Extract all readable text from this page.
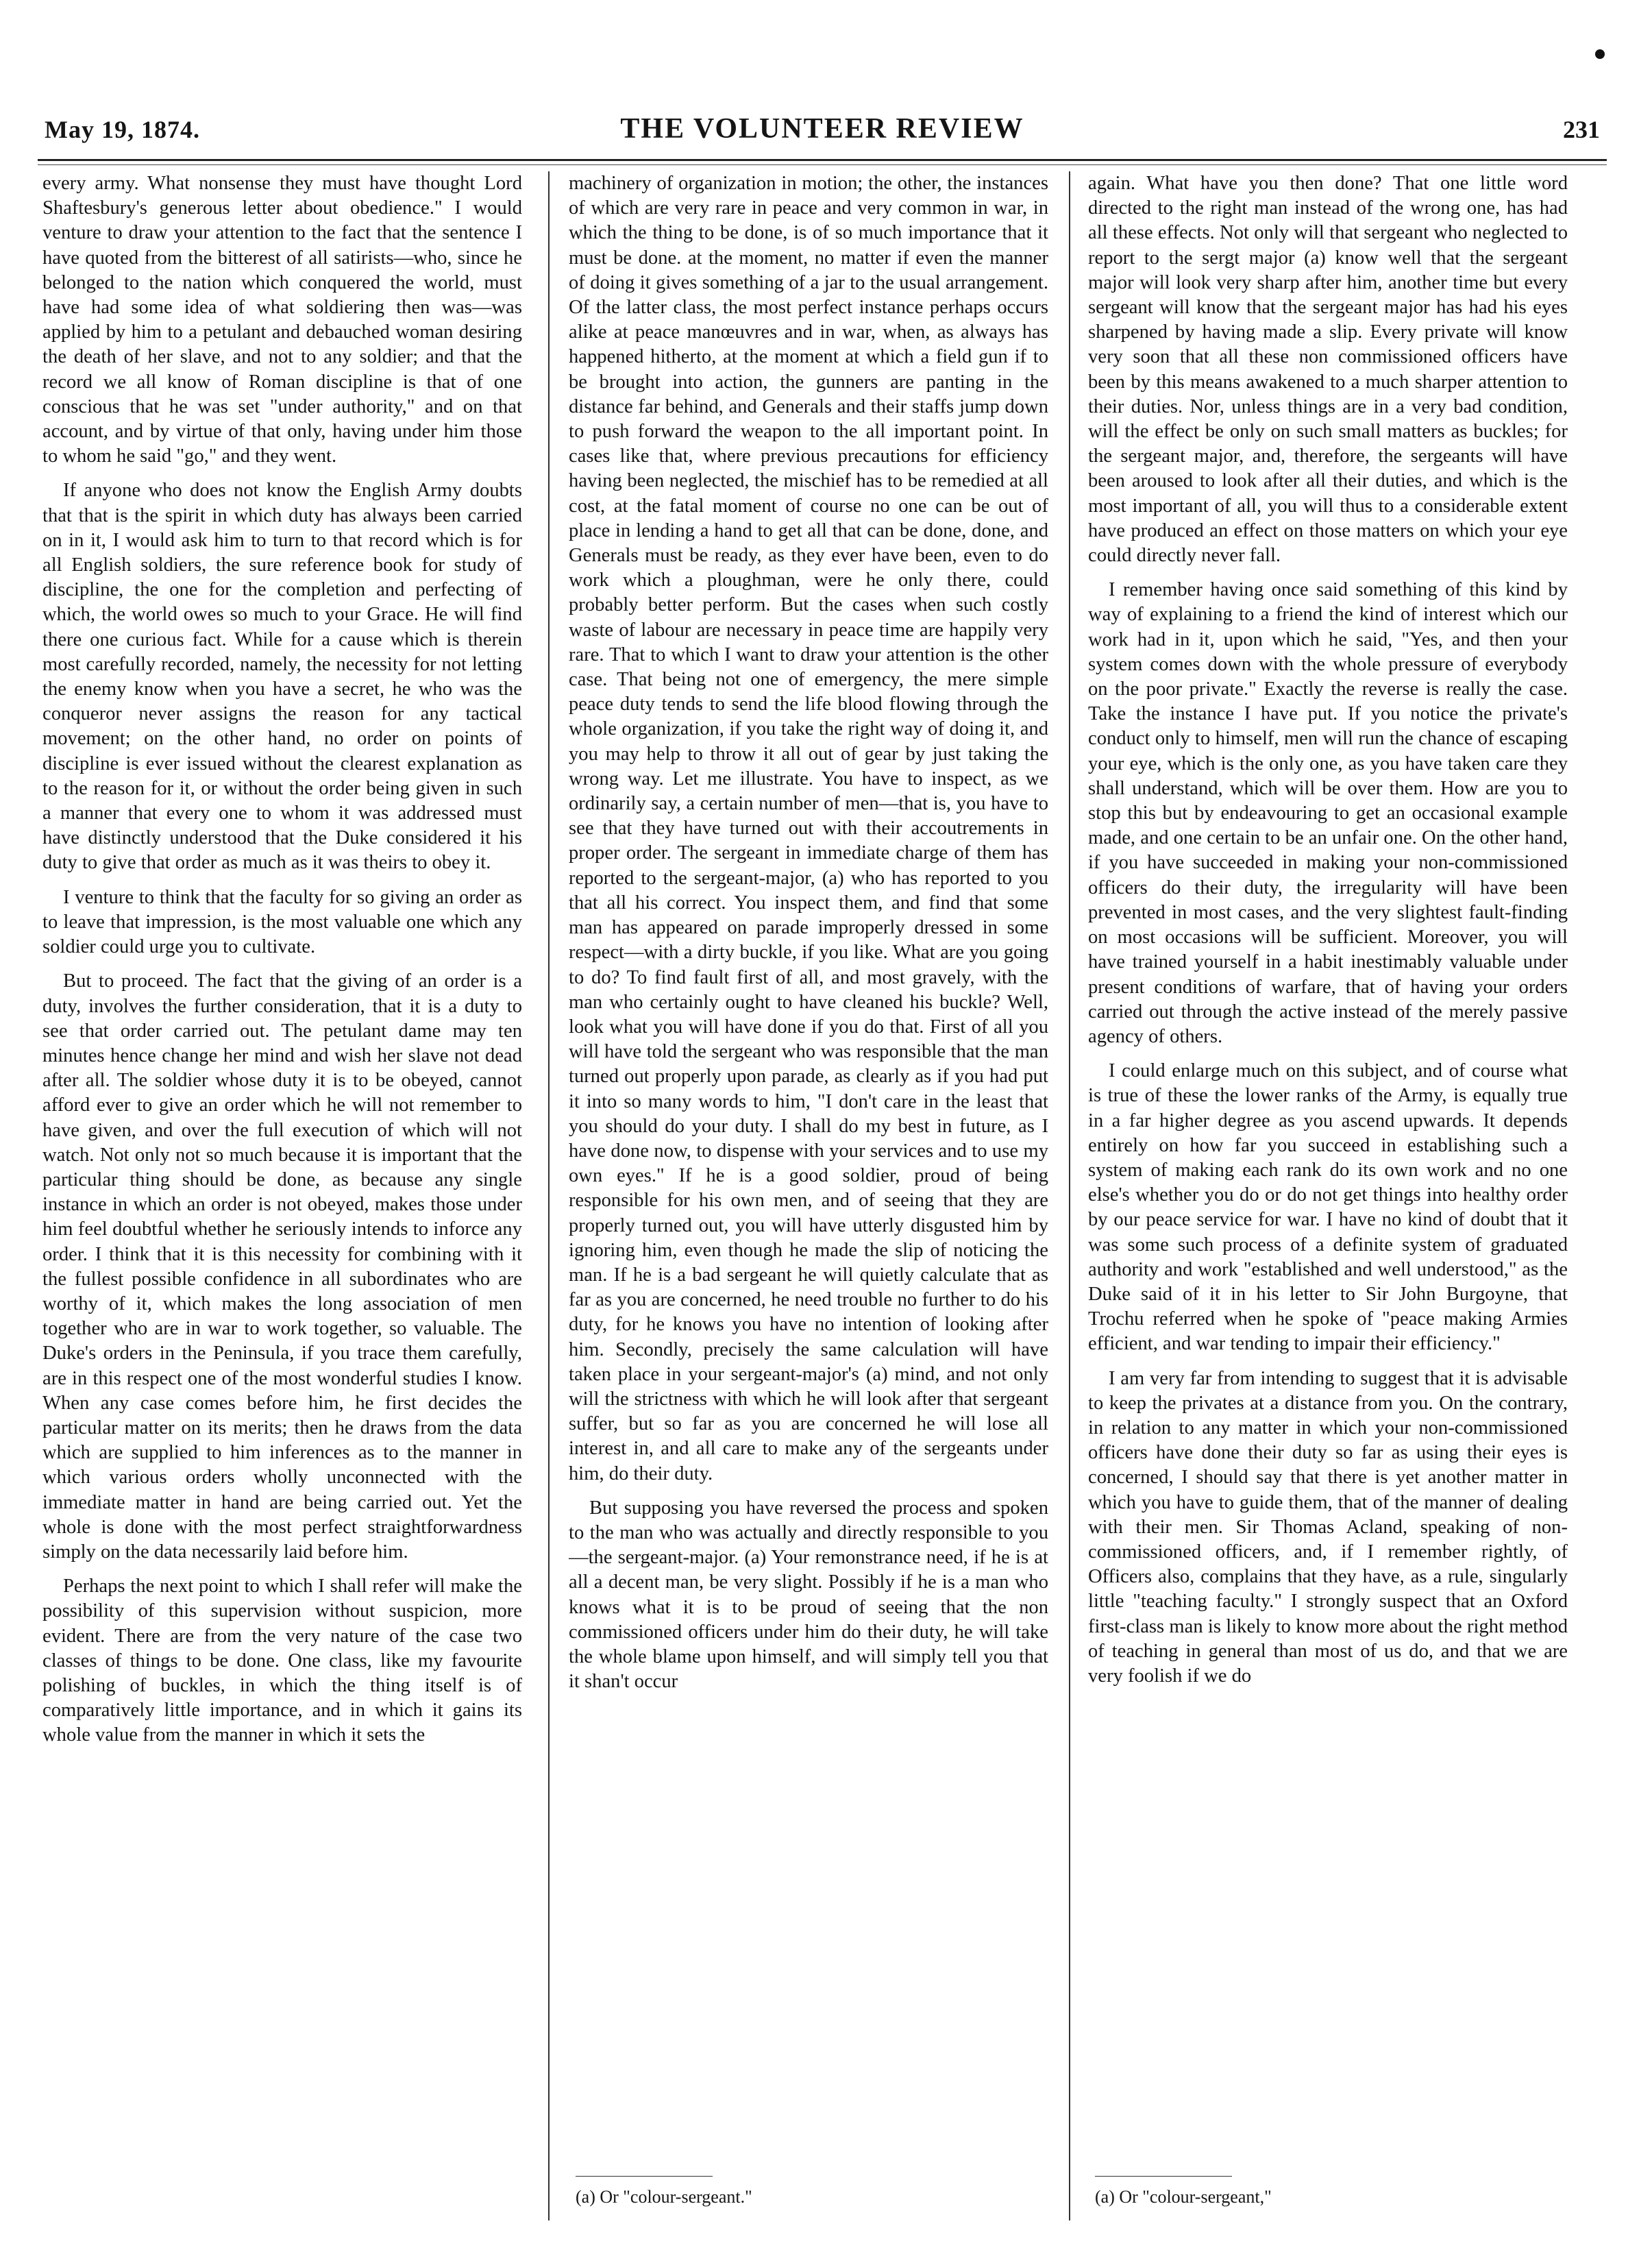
May 19, 1874.	THE VOLUNTEER REVIEW	231

every army. What nonsense they must have thought Lord Shaftesbury's generous letter about obedience." I would venture to draw your attention to the fact that the sentence I have quoted from the bitterest of all satirists—who, since he belonged to the nation which conquered the world, must have had some idea of what soldiering then was—was applied by him to a petulant and debauched woman desiring the death of her slave, and not to any soldier; and that the record we all know of Roman discipline is that of one conscious that he was set "under authority," and on that account, and by virtue of that only, having under him those to whom he said "go," and they went.

If anyone who does not know the English Army doubts that that is the spirit in which duty has always been carried on in it, I would ask him to turn to that record which is for all English soldiers, the sure reference book for study of discipline, the one for the completion and perfecting of which, the world owes so much to your Grace. He will find there one curious fact. While for a cause which is therein most carefully recorded, namely, the necessity for not letting the enemy know when you have a secret, he who was the conqueror never assigns the reason for any tactical movement; on the other hand, no order on points of discipline is ever issued without the clearest explanation as to the reason for it, or without the order being given in such a manner that every one to whom it was addressed must have distinctly understood that the Duke considered it his duty to give that order as much as it was theirs to obey it.

I venture to think that the faculty for so giving an order as to leave that impression, is the most valuable one which any soldier could urge you to cultivate.

But to proceed. The fact that the giving of an order is a duty, involves the further consideration, that it is a duty to see that order carried out. The petulant dame may ten minutes hence change her mind and wish her slave not dead after all. The soldier whose duty it is to be obeyed, cannot afford ever to give an order which he will not remember to have given, and over the full execution of which will not watch. Not only not so much because it is important that the particular thing should be done, as because any single instance in which an order is not obeyed, makes those under him feel doubtful whether he seriously intends to inforce any order. I think that it is this necessity for combining with it the fullest possible confidence in all subordinates who are worthy of it, which makes the long association of men together who are in war to work together, so valuable. The Duke's orders in the Peninsula, if you trace them carefully, are in this respect one of the most wonderful studies I know. When any case comes before him, he first decides the particular matter on its merits; then he draws from the data which are supplied to him inferences as to the manner in which various orders wholly unconnected with the immediate matter in hand are being carried out. Yet the whole is done with the most perfect straightforwardness simply on the data necessarily laid before him.

Perhaps the next point to which I shall refer will make the possibility of this supervision without suspicion, more evident. There are from the very nature of the case two classes of things to be done. One class, like my favourite polishing of buckles, in which the thing itself is of comparatively little importance, and in which it gains its whole value from the manner in which it sets the

machinery of organization in motion; the other, the instances of which are very rare in peace and very common in war, in which the thing to be done, is of so much importance that it must be done. at the moment, no matter if even the manner of doing it gives something of a jar to the usual arrangement. Of the latter class, the most perfect instance perhaps occurs alike at peace manœuvres and in war, when, as always has happened hitherto, at the moment at which a field gun if to be brought into action, the gunners are panting in the distance far behind, and Generals and their staffs jump down to push forward the weapon to the all important point. In cases like that, where previous precautions for efficiency having been neglected, the mischief has to be remedied at all cost, at the fatal moment of course no one can be out of place in lending a hand to get all that can be done, done, and Generals must be ready, as they ever have been, even to do work which a ploughman, were he only there, could probably better perform. But the cases when such costly waste of labour are necessary in peace time are happily very rare. That to which I want to draw your attention is the other case. That being not one of emergency, the mere simple peace duty tends to send the life blood flowing through the whole organization, if you take the right way of doing it, and you may help to throw it all out of gear by just taking the wrong way. Let me illustrate. You have to inspect, as we ordinarily say, a certain number of men—that is, you have to see that they have turned out with their accoutrements in proper order. The sergeant in immediate charge of them has reported to the sergeant-major, (a) who has reported to you that all his correct. You inspect them, and find that some man has appeared on parade improperly dressed in some respect—with a dirty buckle, if you like. What are you going to do? To find fault first of all, and most gravely, with the man who certainly ought to have cleaned his buckle? Well, look what you will have done if you do that. First of all you will have told the sergeant who was responsible that the man turned out properly upon parade, as clearly as if you had put it into so many words to him, "I don't care in the least that you should do your duty. I shall do my best in future, as I have done now, to dispense with your services and to use my own eyes." If he is a good soldier, proud of being responsible for his own men, and of seeing that they are properly turned out, you will have utterly disgusted him by ignoring him, even though he made the slip of noticing the man. If he is a bad sergeant he will quietly calculate that as far as you are concerned, he need trouble no further to do his duty, for he knows you have no intention of looking after him. Secondly, precisely the same calculation will have taken place in your sergeant-major's (a) mind, and not only will the strictness with which he will look after that sergeant suffer, but so far as you are concerned he will lose all interest in, and all care to make any of the sergeants under him, do their duty.

But supposing you have reversed the process and spoken to the man who was actually and directly responsible to you—the sergeant-major. (a) Your remonstrance need, if he is at all a decent man, be very slight. Possibly if he is a man who knows what it is to be proud of seeing that the non commissioned officers under him do their duty, he will take the whole blame upon himself, and will simply tell you that it shan't occur

again. What have you then done? That one little word directed to the right man instead of the wrong one, has had all these effects. Not only will that sergeant who neglected to report to the sergt major (a) know well that the sergeant major will look very sharp after him, another time but every sergeant will know that the sergeant major has had his eyes sharpened by having made a slip. Every private will know very soon that all these non commissioned officers have been by this means awakened to a much sharper attention to their duties. Nor, unless things are in a very bad condition, will the effect be only on such small matters as buckles; for the sergeant major, and, therefore, the sergeants will have been aroused to look after all their duties, and which is the most important of all, you will thus to a considerable extent have produced an effect on those matters on which your eye could directly never fall.

I remember having once said something of this kind by way of explaining to a friend the kind of interest which our work had in it, upon which he said, "Yes, and then your system comes down with the whole pressure of everybody on the poor private." Exactly the reverse is really the case. Take the instance I have put. If you notice the private's conduct only to himself, men will run the chance of escaping your eye, which is the only one, as you have taken care they shall understand, which will be over them. How are you to stop this but by endeavouring to get an occasional example made, and one certain to be an unfair one. On the other hand, if you have succeeded in making your non-commissioned officers do their duty, the irregularity will have been prevented in most cases, and the very slightest fault-finding on most occasions will be sufficient. Moreover, you will have trained yourself in a habit inestimably valuable under present conditions of warfare, that of having your orders carried out through the active instead of the merely passive agency of others.

I could enlarge much on this subject, and of course what is true of these the lower ranks of the Army, is equally true in a far higher degree as you ascend upwards. It depends entirely on how far you succeed in establishing such a system of making each rank do its own work and no one else's whether you do or do not get things into healthy order by our peace service for war. I have no kind of doubt that it was some such process of a definite system of graduated authority and work "established and well understood," as the Duke said of it in his letter to Sir John Burgoyne, that Trochu referred when he spoke of "peace making Armies efficient, and war tending to impair their efficiency."

I am very far from intending to suggest that it is advisable to keep the privates at a distance from you. On the contrary, in relation to any matter in which your non-commissioned officers have done their duty so far as using their eyes is concerned, I should say that there is yet another matter in which you have to guide them, that of the manner of dealing with their men. Sir Thomas Acland, speaking of non-commissioned officers, and, if I remember rightly, of Officers also, complains that they have, as a rule, singularly little "teaching faculty." I strongly suspect that an Oxford first-class man is likely to know more about the right method of teaching in general than most of us do, and that we are very foolish if we do

(a) Or "colour-sergeant."	(a) Or "colour-sergeant,"
